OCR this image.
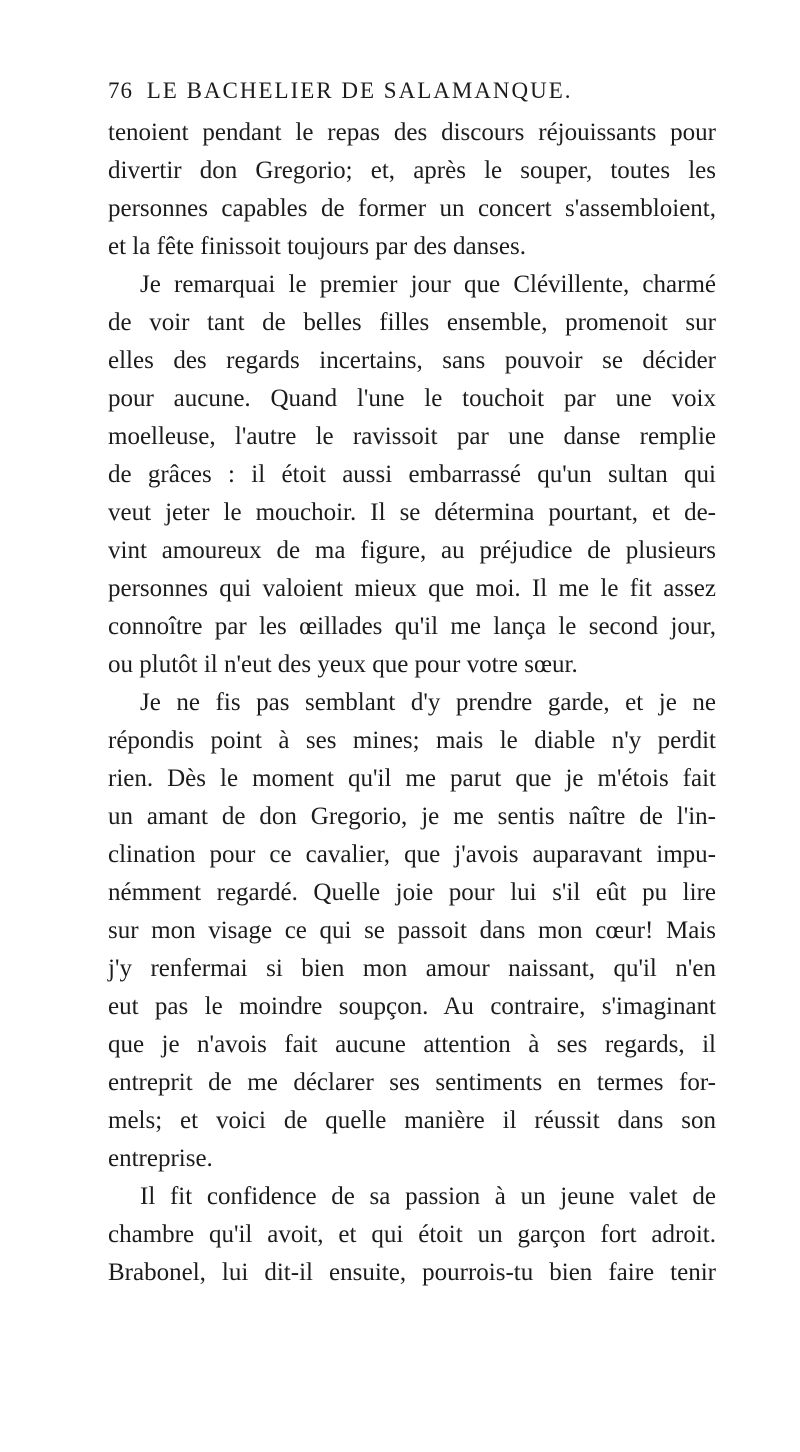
76 LE BACHELIER DE SALAMANQUE.
tenoient pendant le repas des discours réjouissants pour
divertir don Gregorio; et, après le souper, toutes les
personnes capables de former un concert s'assembloient,
et la fête finissoit toujours par des danses.
Je remarquai le premier jour que Clévillente, charmé
de voir tant de belles filles ensemble, promenoit sur
elles des regards incertains, sans pouvoir se décider
pour aucune. Quand l'une le touchoit par une voix
moelleuse, l'autre le ravissoit par une danse remplie
de grâces : il étoit aussi embarrassé qu'un sultan qui
veut jeter le mouchoir. Il se détermina pourtant, et de-
vint amoureux de ma figure, au préjudice de plusieurs
personnes qui valoient mieux que moi. Il me le fit assez
connoître par les œillades qu'il me lança le second jour,
ou plutôt il n'eut des yeux que pour votre sœur.
Je ne fis pas semblant d'y prendre garde, et je ne
répondis point à ses mines; mais le diable n'y perdit
rien. Dès le moment qu'il me parut que je m'étois fait
un amant de don Gregorio, je me sentis naître de l'in-
clination pour ce cavalier, que j'avois auparavant impu-
némment regardé. Quelle joie pour lui s'il eût pu lire
sur mon visage ce qui se passoit dans mon cœur! Mais
j'y renfermai si bien mon amour naissant, qu'il n'en
eut pas le moindre soupçon. Au contraire, s'imaginant
que je n'avois fait aucune attention à ses regards, il
entreprit de me déclarer ses sentiments en termes for-
mels; et voici de quelle manière il réussit dans son
entreprise.
Il fit confidence de sa passion à un jeune valet de
chambre qu'il avoit, et qui étoit un garçon fort adroit.
Brabonel, lui dit-il ensuite, pourrois-tu bien faire tenir
